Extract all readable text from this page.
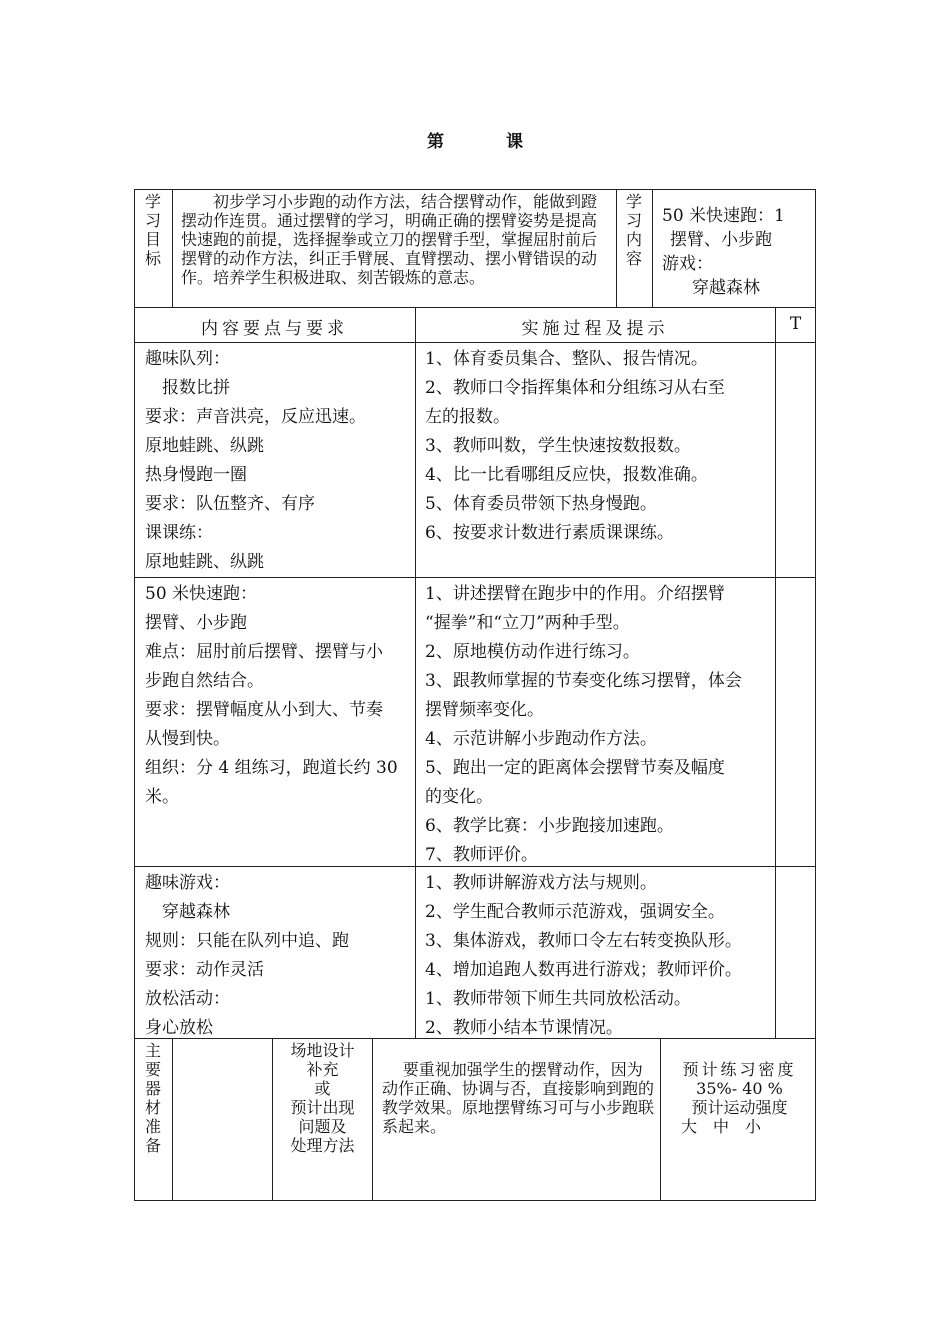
第 课
学习目标
初步学习小步跑的动作方法，结合摆臂动作，能做到蹬摆动作连贯。通过摆臂的学习，明确正确的摆臂姿势是提高快速跑的前提，选择握拳或立刀的摆臂手型，掌握屈肘前后摆臂的动作方法，纠正手臂展、直臂摆动、摆小臂错误的动作。培养学生积极进取、刻苦锻炼的意志。
学习内容
50 米快速跑：1
摆臂、小步跑
游戏：
穿越森林
内容要点与要求	实施过程及提示	T
趣味队列：
　报数比拼
要求：声音洪亮，反应迅速。
原地蛙跳、纵跳
热身慢跑一圈
要求：队伍整齐、有序
课课练：
原地蛙跳、纵跳
1、体育委员集合、整队、报告情况。
2、教师口令指挥集体和分组练习从右至
左的报数。
3、教师叫数，学生快速按数报数。
4、比一比看哪组反应快，报数准确。
5、体育委员带领下热身慢跑。
6、按要求计数进行素质课课练。
50 米快速跑：
摆臂、小步跑
难点：屈肘前后摆臂、摆臂与小
步跑自然结合。
要求：摆臂幅度从小到大、节奏
从慢到快。
组织：分 4 组练习，跑道长约 30
米。
1、讲述摆臂在跑步中的作用。介绍摆臂
“握拳”和“立刀”两种手型。
2、原地模仿动作进行练习。
3、跟教师掌握的节奏变化练习摆臂，体会
摆臂频率变化。
4、示范讲解小步跑动作方法。
5、跑出一定的距离体会摆臂节奏及幅度
的变化。
6、教学比赛：小步跑接加速跑。
7、教师评价。
趣味游戏：
　穿越森林
规则：只能在队列中追、跑
要求：动作灵活
放松活动：
身心放松
1、教师讲解游戏方法与规则。
2、学生配合教师示范游戏，强调安全。
3、集体游戏，教师口令左右转变换队形。
4、增加追跑人数再进行游戏；教师评价。
1、教师带领下师生共同放松活动。
2、教师小结本节课情况。
主要器材准备
场地设计
补充
或
预计出现
问题及
处理方法
要重视加强学生的摆臂动作，因为动作正确、协调与否，直接影响到跑的教学效果。原地摆臂练习可与小步跑联系起来。
预计练习密度
35%- 40 %
预计运动强度
大　中　小
